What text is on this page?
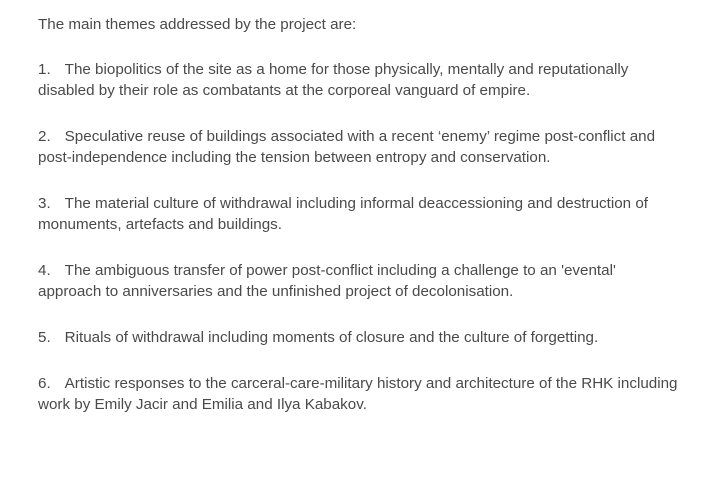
The main themes addressed by the project are:

1. The biopolitics of the site as a home for those physically, mentally and reputationally disabled by their role as combatants at the corporeal vanguard of empire.

2. Speculative reuse of buildings associated with a recent ‘enemy’ regime post-conflict and post-independence including the tension between entropy and conservation.

3. The material culture of withdrawal including informal deaccessioning and destruction of monuments, artefacts and buildings.

4. The ambiguous transfer of power post-conflict including a challenge to an 'evental' approach to anniversaries and the unfinished project of decolonisation.

5. Rituals of withdrawal including moments of closure and the culture of forgetting.

6. Artistic responses to the carceral-care-military history and architecture of the RHK including work by Emily Jacir and Emilia and Ilya Kabakov.
